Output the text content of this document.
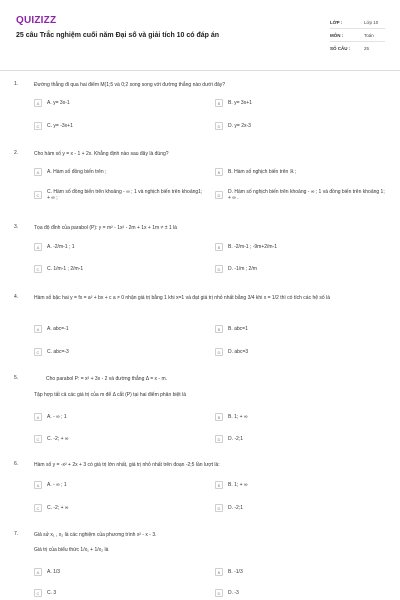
QUIZIZZ
25 câu Trắc nghiệm cuối năm Đại số và giải tích 10 có đáp án
LỚP :	Lớp 10
MÔN :	Toán
SỐ CÂU :	25
1.	Đường thẳng đi qua hai điểm M(1;5 và 0;2 song song với đường thẳng nào dưới đây?
A	A. y= 3x-1	B	B. y= 3x+1
C	C. y= -3x+1	D	D. y= 2x-3
2.	Cho hàm số y = x - 1 + 2x. Khẳng định nào sau đây là đúng?
A	A. Hàm số đồng biến trên ;	B	B. Hàm số nghịch biến trên ℝ ;
C	C. Hàm số đồng biến trên khoảng - ∞ ; 1 và nghịch biến trên khoảng1; + ∞ ;	D	D. Hàm số nghịch biến trên khoảng - ∞ ; 1 và đồng biến trên khoảng 1; + ∞ .
3.	Tọa độ đỉnh của parabol (P): y = m² - 1x² - 2m + 1x + 1m ≠ ± 1 là
A	A. -2/m-1 ; 1	B	B. -2/m-1 ; -9m+2/m-1
C	C. 1/m-1 ; 2/m-1	D	D. -1/m ; 2/m
4.	Hàm số bậc hai y = fx = a² + bx + c a ≠ 0 nhận giá trị bằng 1 khi x=1 và đạt giá trị nhỏ nhất bằng 3/4 khi x = 1/2 thì có tích các hệ số là
A	A. abc=-1	B	B. abc=1
C	C. abc=-3	D	D. abc=3
5.	Cho parabol P: = x² + 3x - 2 và đường thẳng Δ = x - m.
Tập hợp tất cả các giá trị của m để Δ cắt (P) tại hai điểm phân biệt là
A	A. - ∞ ; 1	B	B. 1; + ∞
C	C. -2; + ∞	D	D. -2;1
6.	Hàm số y = -x² + 2x + 3 có giá trị lớn nhất, giá trị nhỏ nhất trên đoạn -2;5 lần lượt là:
A	A. - ∞ ; 1	B	B. 1; + ∞
C	C. -2; + ∞	D	D. -2;1
7.	Giả sử x₁ , x₂ là các nghiệm của phương trình x² - x - 3.
Giá trị của biểu thức 1/x₁ + 1/x₂ là
A	A. 1/3	B	B. -1/3
C	C. 3	D	D. -3
